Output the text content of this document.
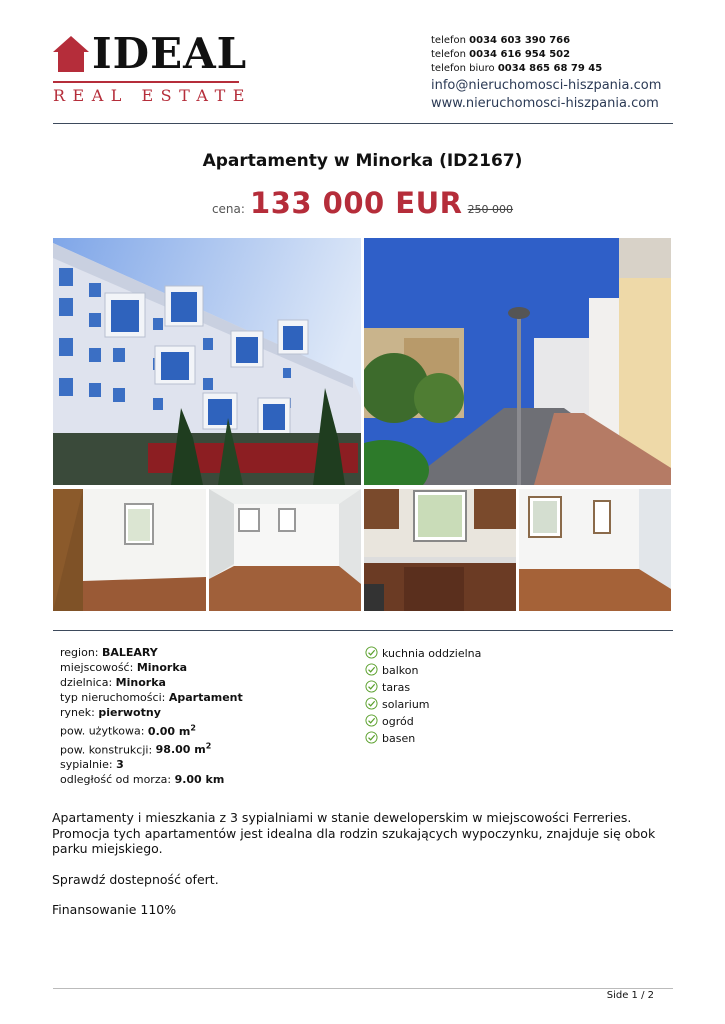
IDEAL
REAL ESTATE
telefon 0034 603 390 766
telefon 0034 616 954 502
telefon biuro 0034 865 68 79 45
info@nieruchomosci-hiszpania.com
www.nieruchomosci-hiszpania.com
Apartamenty w Minorka (ID2167)
cena: 133 000 EUR 250 000
region: BALEARY
miejscowość: Minorka
dzielnica: Minorka
typ nieruchomości: Apartament
rynek: pierwotny
pow. użytkowa: 0.00 $m^2$
pow. konstrukcji: 98.00 $m^2$
sypialnie: 3
odległość od morza: 9.00 km
kuchnia oddzielna
balkon
taras
solarium
ogród
basen

Apartamenty i mieszkania z 3 sypialniami w stanie deweloperskim w miejscowości Ferreries. Promocja tych apartamentów jest idealna dla rodzin szukających wypoczynku, znajduje się obok parku miejskiego.

Sprawdź dostepność ofert.

Finansowanie 110%

Side 1 / 2
